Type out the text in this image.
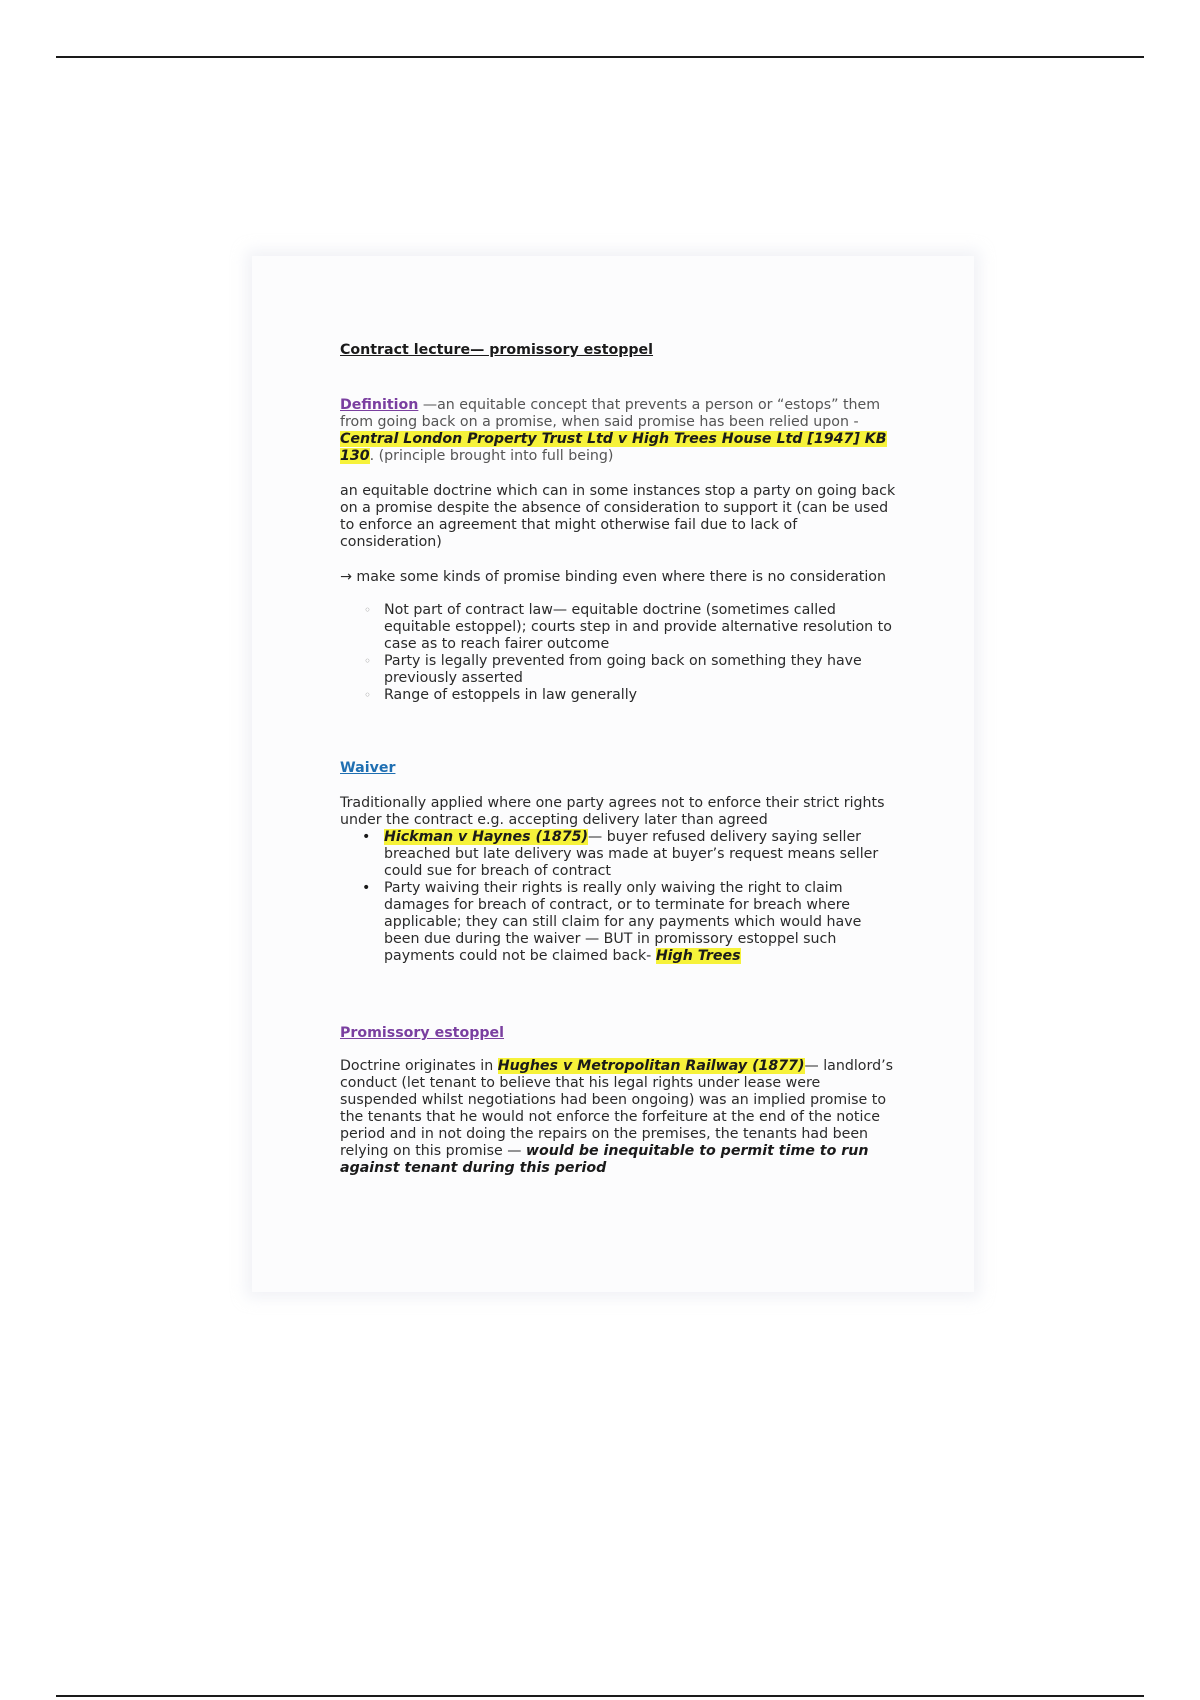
Contract lecture— promissory estoppel

Definition —an equitable concept that prevents a person or “estops” them from going back on a promise, when said promise has been relied upon - Central London Property Trust Ltd v High Trees House Ltd [1947] KB 130. (principle brought into full being)

an equitable doctrine which can in some instances stop a party on going back on a promise despite the absence of consideration to support it (can be used to enforce an agreement that might otherwise fail due to lack of consideration)

→ make some kinds of promise binding even where there is no consideration

◦ Not part of contract law— equitable doctrine (sometimes called equitable estoppel); courts step in and provide alternative resolution to case as to reach fairer outcome
◦ Party is legally prevented from going back on something they have previously asserted
◦ Range of estoppels in law generally

Waiver

Traditionally applied where one party agrees not to enforce their strict rights under the contract e.g. accepting delivery later than agreed

• Hickman v Haynes (1875)— buyer refused delivery saying seller breached but late delivery was made at buyer’s request means seller could sue for breach of contract
• Party waiving their rights is really only waiving the right to claim damages for breach of contract, or to terminate for breach where applicable; they can still claim for any payments which would have been due during the waiver — BUT in promissory estoppel such payments could not be claimed back- High Trees

Promissory estoppel

Doctrine originates in Hughes v Metropolitan Railway (1877)— landlord’s conduct (let tenant to believe that his legal rights under lease were suspended whilst negotiations had been ongoing) was an implied promise to the tenants that he would not enforce the forfeiture at the end of the notice period and in not doing the repairs on the premises, the tenants had been relying on this promise — would be inequitable to permit time to run against tenant during this period
